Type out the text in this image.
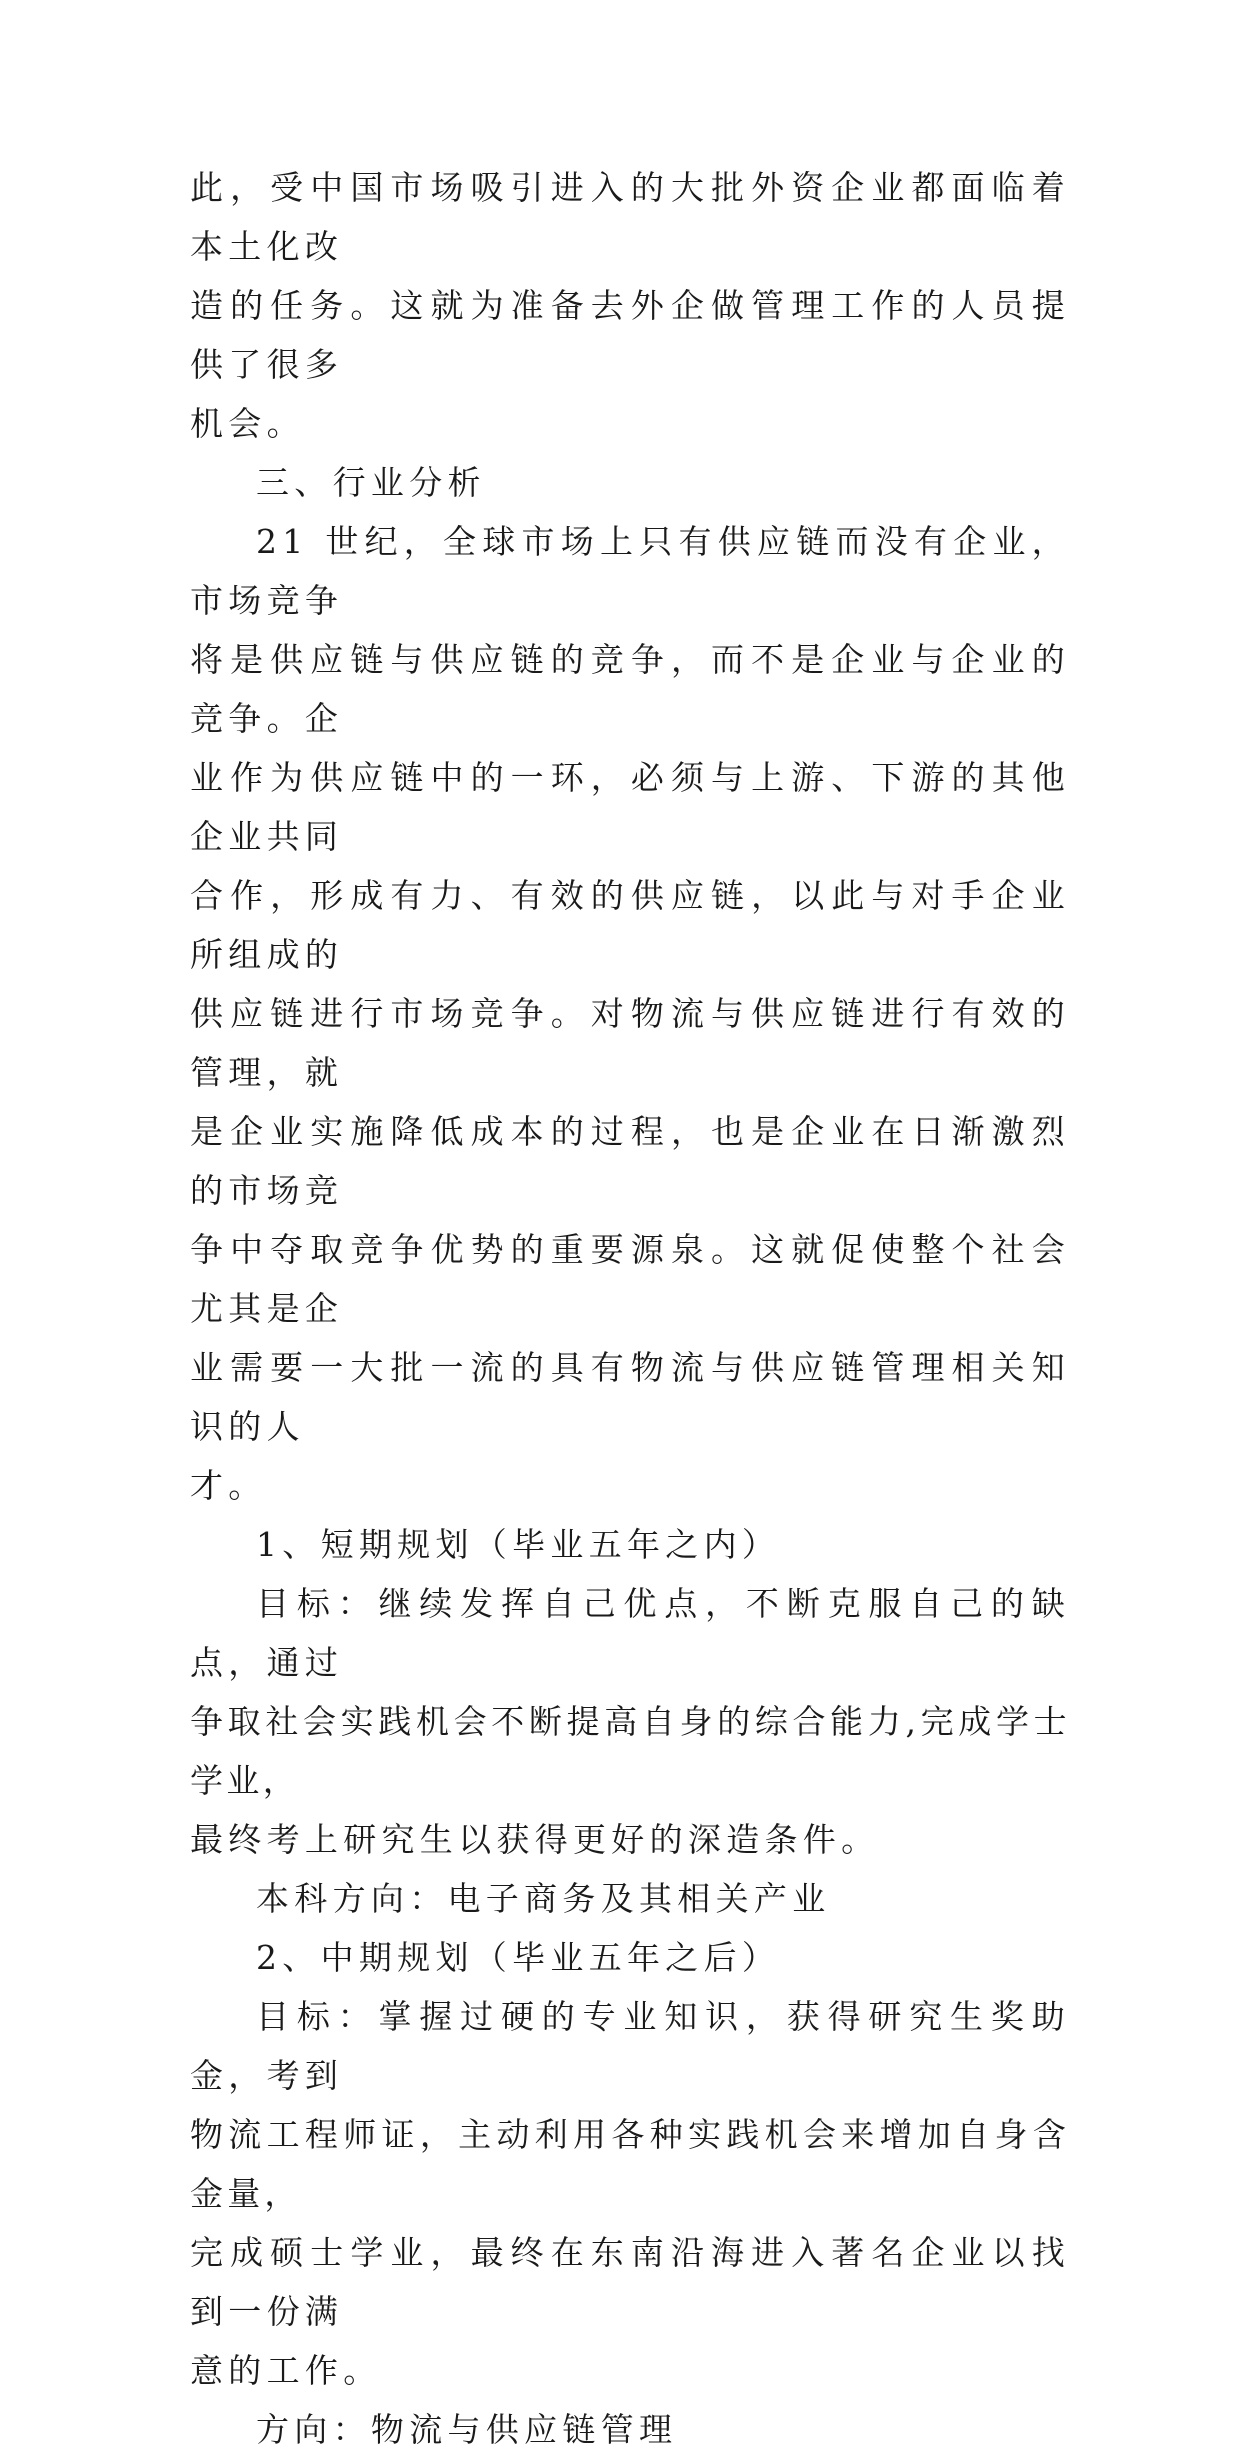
此，受中国市场吸引进入的大批外资企业都面临着本土化改
造的任务。这就为准备去外企做管理工作的人员提供了很多
机会。

三、行业分析

21 世纪，全球市场上只有供应链而没有企业，市场竞争
将是供应链与供应链的竞争，而不是企业与企业的竞争。企
业作为供应链中的一环，必须与上游、下游的其他企业共同
合作，形成有力、有效的供应链，以此与对手企业所组成的
供应链进行市场竞争。对物流与供应链进行有效的管理，就
是企业实施降低成本的过程，也是企业在日渐激烈的市场竞
争中夺取竞争优势的重要源泉。这就促使整个社会尤其是企
业需要一大批一流的具有物流与供应链管理相关知识的人
才。

1、短期规划（毕业五年之内）

目标：继续发挥自己优点，不断克服自己的缺点，通过
争取社会实践机会不断提高自身的综合能力,完成学士学业，
最终考上研究生以获得更好的深造条件。

本科方向：电子商务及其相关产业

2、中期规划（毕业五年之后）

目标：掌握过硬的专业知识，获得研究生奖助金，考到
物流工程师证，主动利用各种实践机会来增加自身含金量，
完成硕士学业，最终在东南沿海进入著名企业以找到一份满
意的工作。

方向：物流与供应链管理
